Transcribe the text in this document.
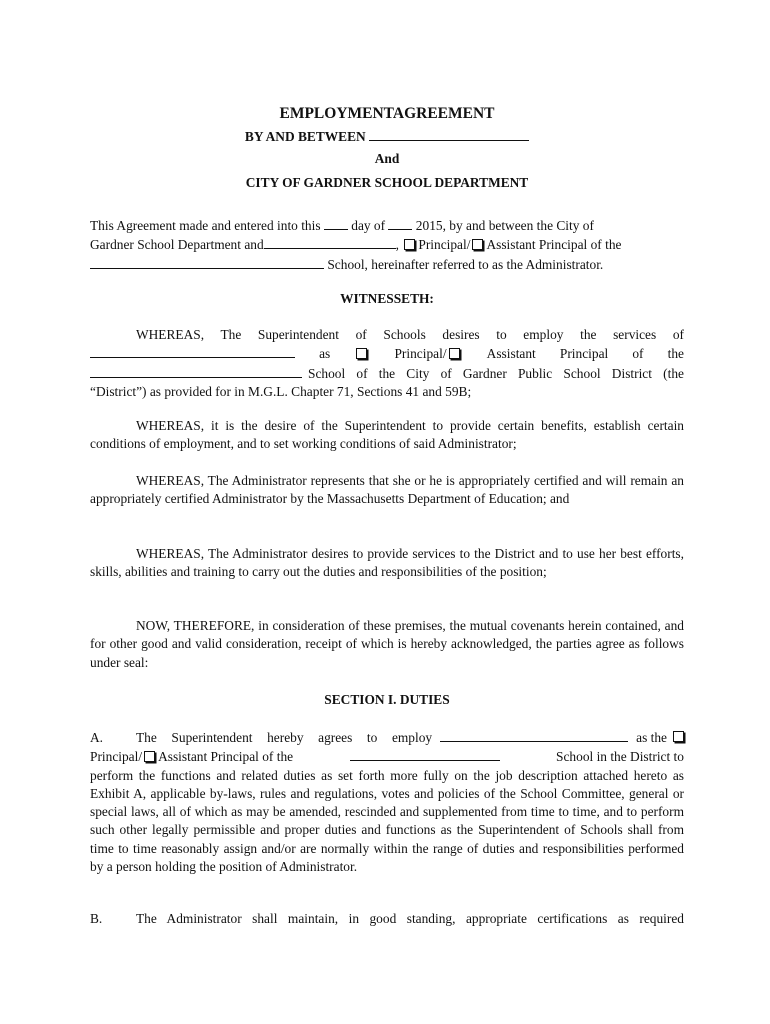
EMPLOYMENTAGREEMENT
BY AND BETWEEN
And
CITY OF GARDNER SCHOOL DEPARTMENT
This Agreement made and entered into this  day of  2015, by and between the City of
Gardner School Department and	, Principal/ Assistant Principal of the
School, hereinafter referred to as the Administrator.
WITNESSETH:
WHEREAS, The Superintendent of Schools desires to employ the services of
as	Principal/	Assistant Principal of the
School of the City of Gardner Public School District (the
“District”) as provided for in M.G.L. Chapter 71, Sections 41 and 59B;
WHEREAS, it is the desire of the Superintendent to provide certain benefits, establish certain conditions of employment, and to set working conditions of said Administrator;
WHEREAS, The Administrator represents that she or he is appropriately certified and will remain an appropriately certified Administrator by the Massachusetts Department of Education; and
WHEREAS, The Administrator desires to provide services to the District and to use her best efforts, skills, abilities and training to carry out the duties and responsibilities of the position;
NOW, THEREFORE, in consideration of these premises, the mutual covenants herein contained, and for other good and valid consideration, receipt of which is hereby acknowledged, the parties agree as follows under seal:
SECTION I. DUTIES
A.	The Superintendent hereby agrees to employ	as the
Principal/ Assistant Principal of the	School in the District to
perform the functions and related duties as set forth more fully on the job description attached hereto as Exhibit A, applicable by-laws, rules and regulations, votes and policies of the School Committee, general or special laws, all of which as may be amended, rescinded and supplemented from time to time, and to perform such other legally permissible and proper duties and functions as the Superintendent of Schools shall from time to time reasonably assign and/or are normally within the range of duties and responsibilities performed by a person holding the position of Administrator.
B.	The Administrator shall maintain, in good standing, appropriate certifications as required
